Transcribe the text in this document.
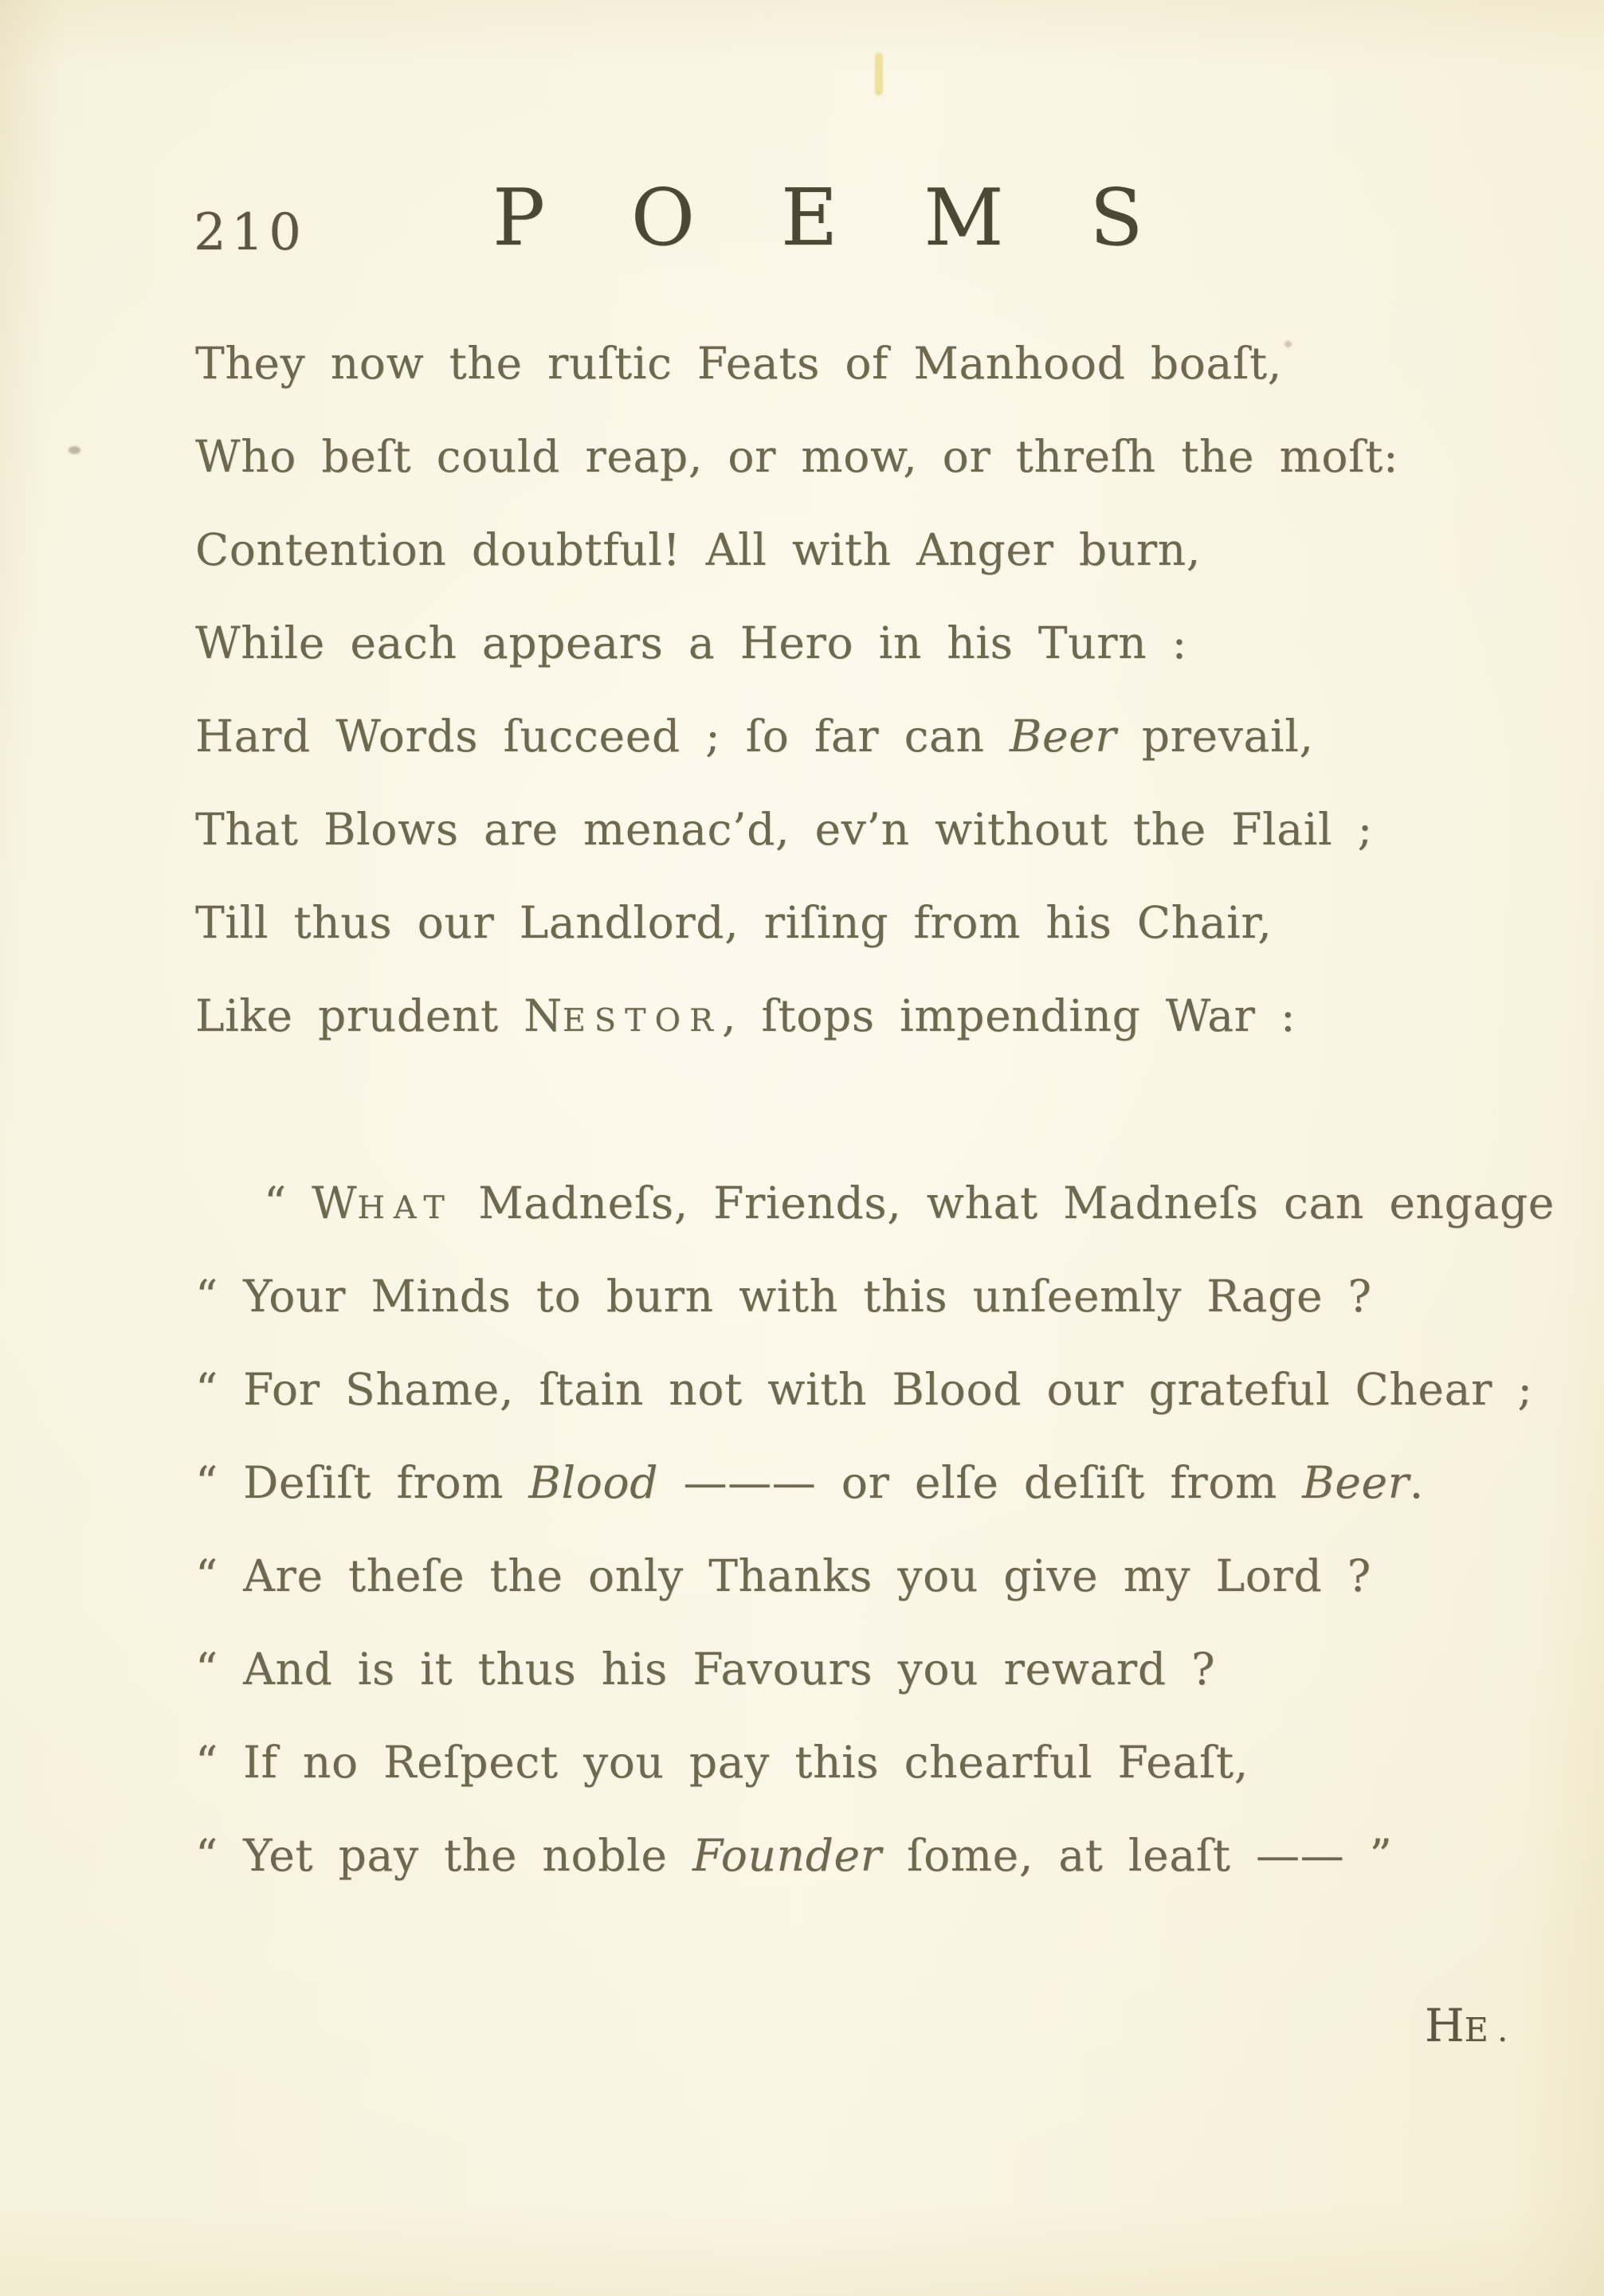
210 POEMS
They now the ruſtic Feats of Manhood boaſt,
Who beſt could reap, or mow, or threſh the moſt:
Contention doubtful! All with Anger burn,
While each appears a Hero in his Turn :
Hard Words ſucceed ; ſo far can Beer prevail,
That Blows are menac’d, ev’n without the Flail ;
Till thus our Landlord, riſing from his Chair,
Like prudent NESTOR, ſtops impending War :
“ WHAT Madneſs, Friends, what Madneſs can engage
“ Your Minds to burn with this unſeemly Rage ?
“ For Shame, ſtain not with Blood our grateful Chear ;
“ Deſiſt from Blood ——— or elſe deſiſt from Beer.
“ Are theſe the only Thanks you give my Lord ?
“ And is it thus his Favours you reward ?
“ If no Reſpect you pay this chearful Feaſt,
“ Yet pay the noble Founder ſome, at leaſt —— ”
HE.
